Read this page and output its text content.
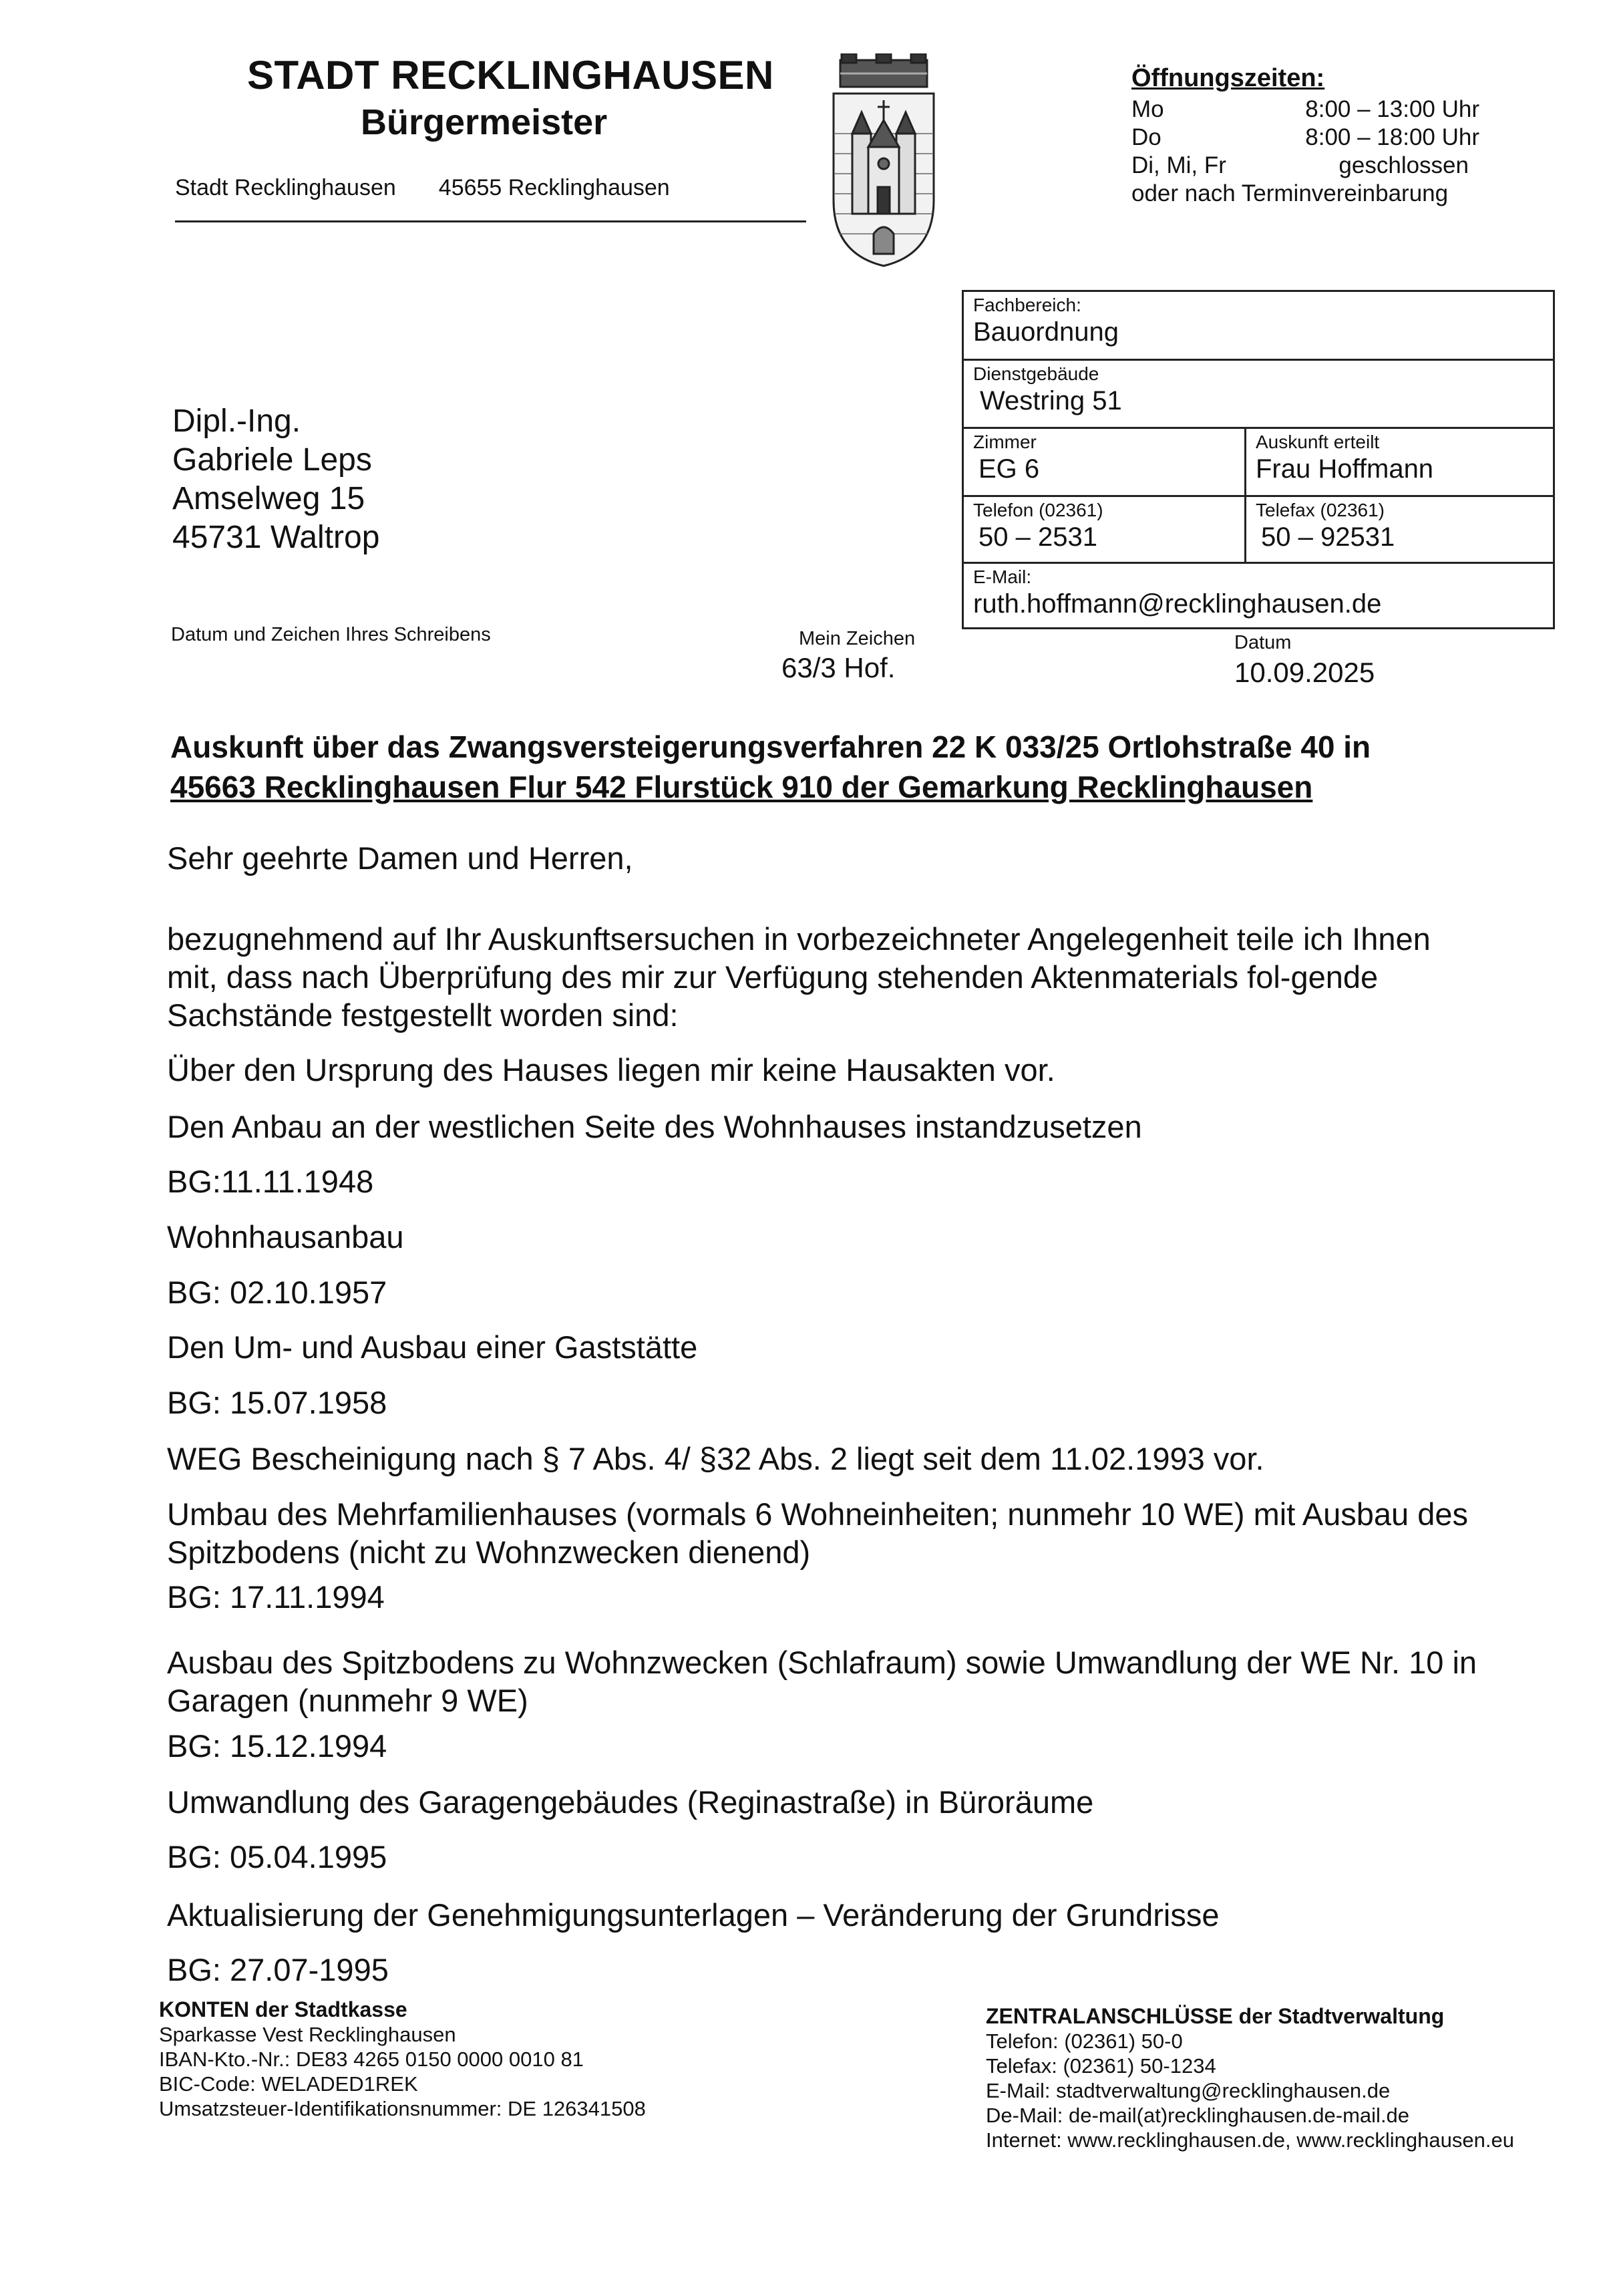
STADT RECKLINGHAUSEN
Bürgermeister
Stadt Recklinghausen 45655 Recklinghausen
Öffnungszeiten:
Mo	8:00 – 13:00 Uhr
Do	8:00 – 18:00 Uhr
Di, Mi, Fr	geschlossen
oder nach Terminvereinbarung
Fachbereich:
Bauordnung
Dienstgebäude
Westring 51
Zimmer
EG 6
Auskunft erteilt
Frau Hoffmann
Telefon (02361)
50 – 2531
Telefax (02361)
50 – 92531
E-Mail:
ruth.hoffmann@recklinghausen.de
Dipl.-Ing.
Gabriele Leps
Amselweg 15
45731 Waltrop
Datum und Zeichen Ihres Schreibens	Mein Zeichen
63/3 Hof.
Datum
10.09.2025
Auskunft über das Zwangsversteigerungsverfahren 22 K 033/25 Ortlohstraße 40 in
45663 Recklinghausen Flur 542 Flurstück 910 der Gemarkung Recklinghausen
Sehr geehrte Damen und Herren,
bezugnehmend auf Ihr Auskunftsersuchen in vorbezeichneter Angelegenheit teile ich Ihnen mit, dass nach Überprüfung des mir zur Verfügung stehenden Aktenmaterials fol-gende Sachstände festgestellt worden sind:
Über den Ursprung des Hauses liegen mir keine Hausakten vor.
Den Anbau an der westlichen Seite des Wohnhauses instandzusetzen
BG:11.11.1948
Wohnhausanbau
BG: 02.10.1957
Den Um- und Ausbau einer Gaststätte
BG: 15.07.1958
WEG Bescheinigung nach § 7 Abs. 4/ §32 Abs. 2 liegt seit dem 11.02.1993 vor.
Umbau des Mehrfamilienhauses (vormals 6 Wohneinheiten; nunmehr 10 WE) mit Ausbau des Spitzbodens (nicht zu Wohnzwecken dienend)
BG: 17.11.1994
Ausbau des Spitzbodens zu Wohnzwecken (Schlafraum) sowie Umwandlung der WE Nr. 10 in Garagen (nunmehr 9 WE)
BG: 15.12.1994
Umwandlung des Garagengebäudes (Reginastraße) in Büroräume
BG: 05.04.1995
Aktualisierung der Genehmigungsunterlagen – Veränderung der Grundrisse
BG: 27.07-1995
KONTEN der Stadtkasse
Sparkasse Vest Recklinghausen
IBAN-Kto.-Nr.: DE83 4265 0150 0000 0010 81
BIC-Code: WELADED1REK
Umsatzsteuer-Identifikationsnummer: DE 126341508
ZENTRALANSCHLÜSSE der Stadtverwaltung
Telefon: (02361) 50-0
Telefax: (02361) 50-1234
E-Mail: stadtverwaltung@recklinghausen.de
De-Mail: de-mail(at)recklinghausen.de-mail.de
Internet: www.recklinghausen.de, www.recklinghausen.eu
